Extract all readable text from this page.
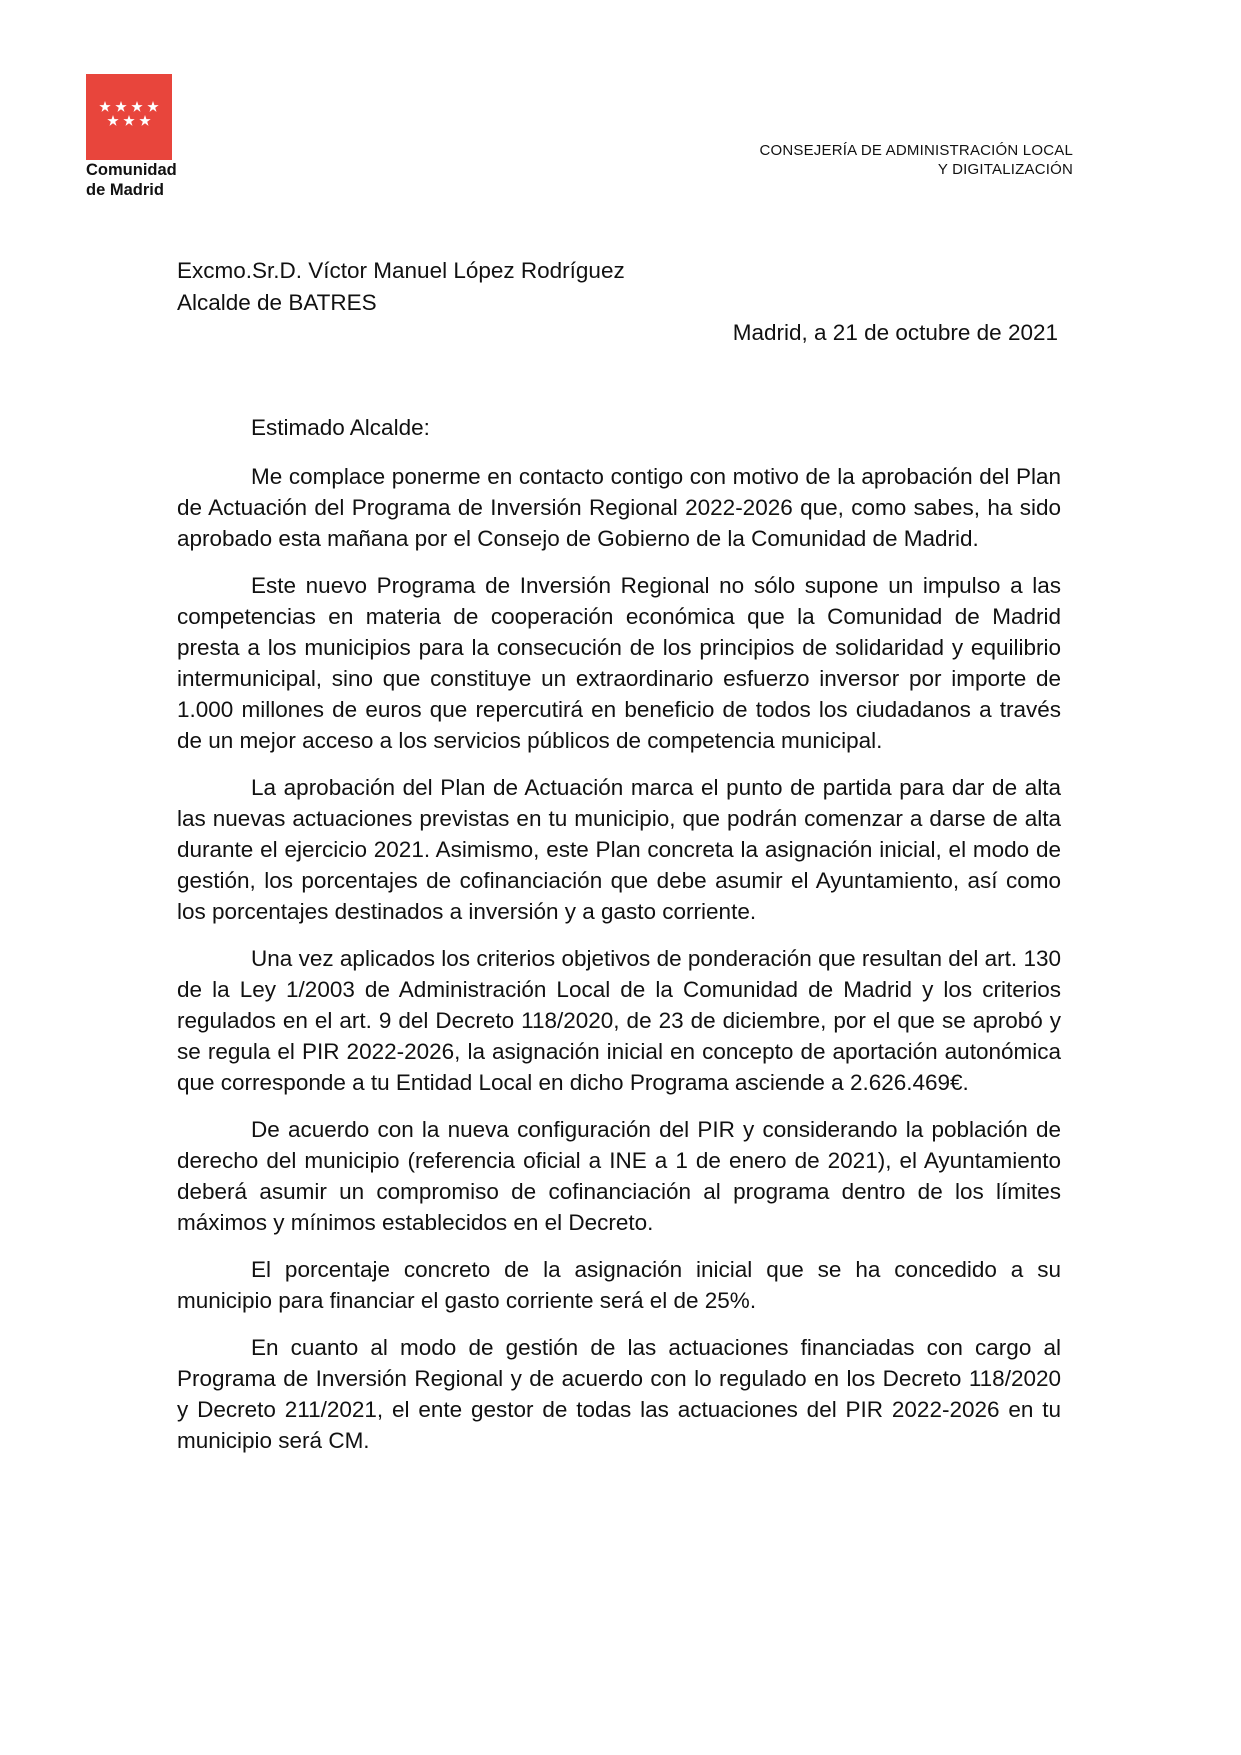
Comunidad
de Madrid
CONSEJERÍA DE ADMINISTRACIÓN LOCAL
Y DIGITALIZACIÓN
Excmo.Sr.D. Víctor Manuel López Rodríguez
Alcalde de BATRES
Madrid, a 21 de octubre de 2021

Estimado Alcalde:

Me complace ponerme en contacto contigo con motivo de la aprobación del Plan de Actuación del Programa de Inversión Regional 2022-2026 que, como sabes, ha sido aprobado esta mañana por el Consejo de Gobierno de la Comunidad de Madrid.

Este nuevo Programa de Inversión Regional no sólo supone un impulso a las competencias en materia de cooperación económica que la Comunidad de Madrid presta a los municipios para la consecución de los principios de solidaridad y equilibrio intermunicipal, sino que constituye un extraordinario esfuerzo inversor por importe de 1.000 millones de euros que repercutirá en beneficio de todos los ciudadanos a través de un mejor acceso a los servicios públicos de competencia municipal.

La aprobación del Plan de Actuación marca el punto de partida para dar de alta las nuevas actuaciones previstas en tu municipio, que podrán comenzar a darse de alta durante el ejercicio 2021. Asimismo, este Plan concreta la asignación inicial, el modo de gestión, los porcentajes de cofinanciación que debe asumir el Ayuntamiento, así como los porcentajes destinados a inversión y a gasto corriente.

Una vez aplicados los criterios objetivos de ponderación que resultan del art. 130 de la Ley 1/2003 de Administración Local de la Comunidad de Madrid y los criterios regulados en el art. 9 del Decreto 118/2020, de 23 de diciembre, por el que se aprobó y se regula el PIR 2022-2026, la asignación inicial en concepto de aportación autonómica que corresponde a tu Entidad Local en dicho Programa asciende a 2.626.469€.

De acuerdo con la nueva configuración del PIR y considerando la población de derecho del municipio (referencia oficial a INE a 1 de enero de 2021), el Ayuntamiento deberá asumir un compromiso de cofinanciación al programa dentro de los límites máximos y mínimos establecidos en el Decreto.

El porcentaje concreto de la asignación inicial que se ha concedido a su municipio para financiar el gasto corriente será el de 25%.

En cuanto al modo de gestión de las actuaciones financiadas con cargo al Programa de Inversión Regional y de acuerdo con lo regulado en los Decreto 118/2020 y Decreto 211/2021, el ente gestor de todas las actuaciones del PIR 2022-2026 en tu municipio será CM.
